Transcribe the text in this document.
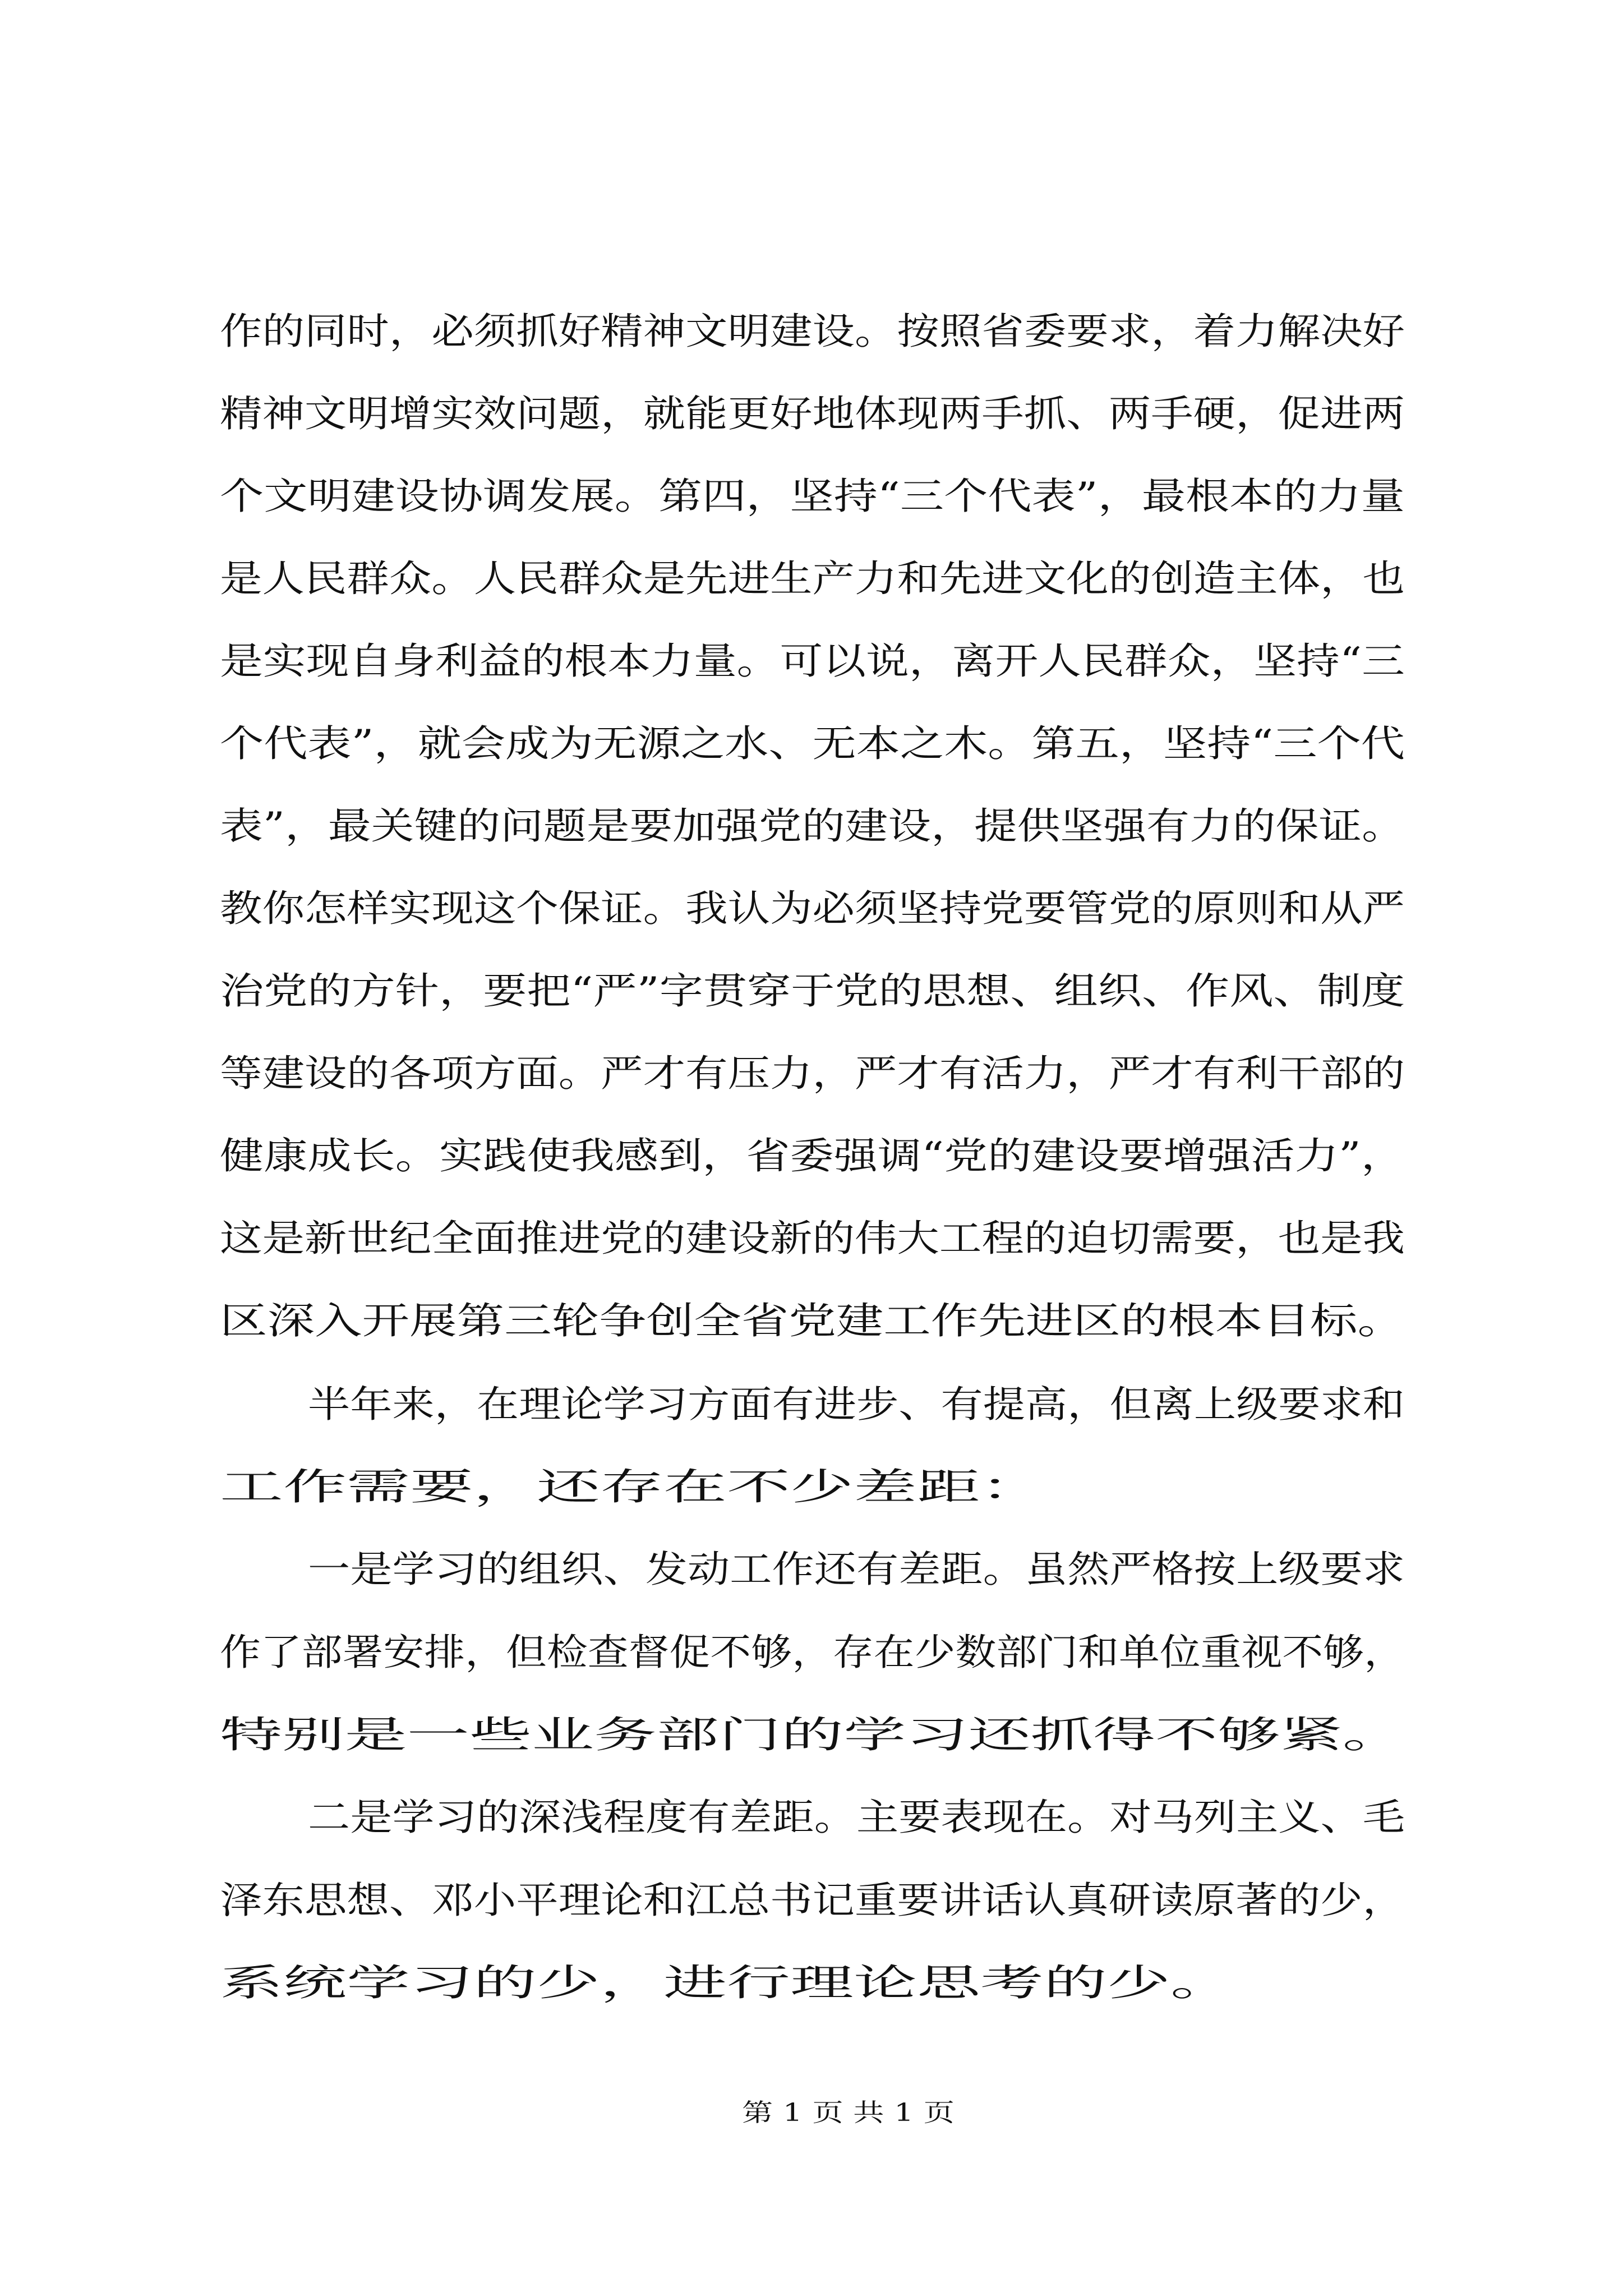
作的同时，必须抓好精神文明建设。按照省委要求，着力解决好
精神文明增实效问题，就能更好地体现两手抓、两手硬，促进两
个文明建设协调发展。第四，坚持“三个代表”，最根本的力量
是人民群众。人民群众是先进生产力和先进文化的创造主体，也
是实现自身利益的根本力量。可以说，离开人民群众，坚持“三
个代表”，就会成为无源之水、无本之木。第五，坚持“三个代
表”，最关键的问题是要加强党的建设，提供坚强有力的保证。
教你怎样实现这个保证。我认为必须坚持党要管党的原则和从严
治党的方针，要把“严”字贯穿于党的思想、组织、作风、制度
等建设的各项方面。严才有压力，严才有活力，严才有利干部的
健康成长。实践使我感到，省委强调“党的建设要增强活力”，
这是新世纪全面推进党的建设新的伟大工程的迫切需要，也是我
区深入开展第三轮争创全省党建工作先进区的根本目标。
半年来，在理论学习方面有进步、有提高，但离上级要求和
工作需要，还存在不少差距：
一是学习的组织、发动工作还有差距。虽然严格按上级要求
作了部署安排，但检查督促不够，存在少数部门和单位重视不够，
特别是一些业务部门的学习还抓得不够紧。
二是学习的深浅程度有差距。主要表现在。对马列主义、毛
泽东思想、邓小平理论和江总书记重要讲话认真研读原著的少，
系统学习的少，进行理论思考的少。
第 1 页 共 1 页
